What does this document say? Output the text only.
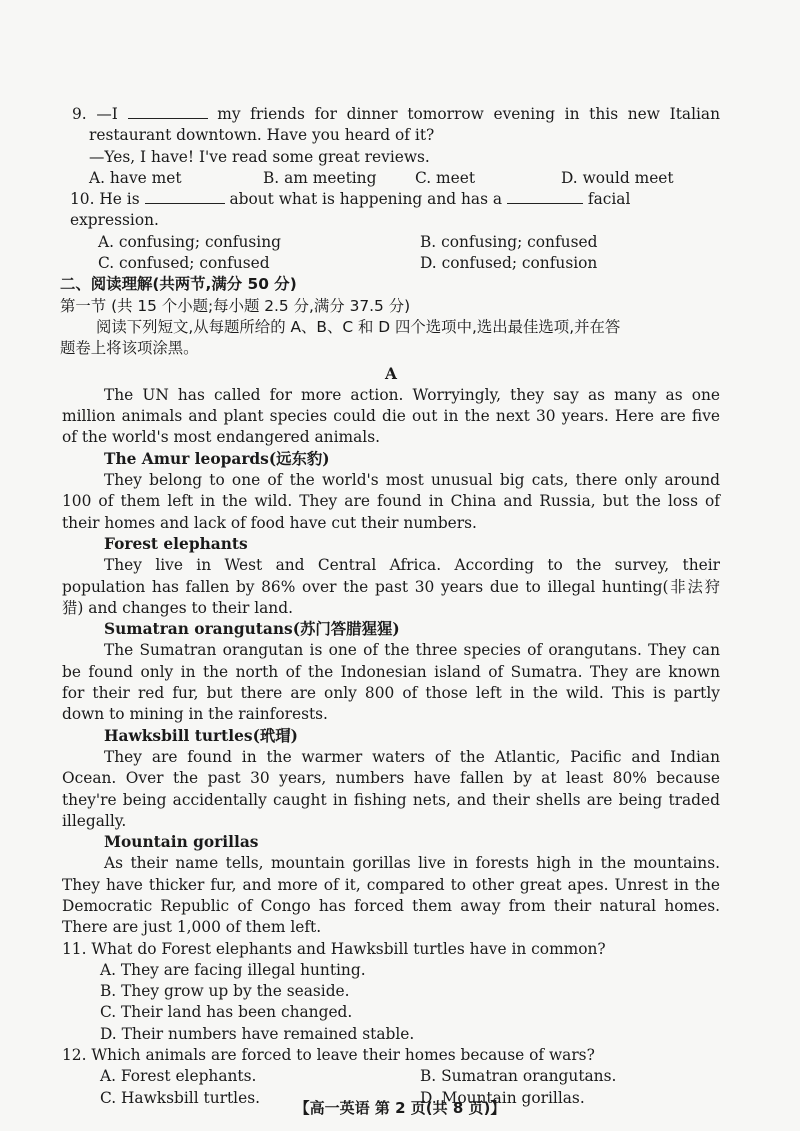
9. —I	my friends for dinner tomorrow evening in this new Italian
restaurant downtown. Have you heard of it?
—Yes, I have! I've read some great reviews.
A. have met	B. am meeting	C. meet	D. would meet
10. He is	about what is happening and has a	facial expression.
A. confusing; confusing	B. confusing; confused
C. confused; confused	D. confused; confusion
二、阅读理解(共两节,满分 50 分)
第一节 (共 15 个小题;每小题 2.5 分,满分 37.5 分)
阅读下列短文,从每题所给的 A、B、C 和 D 四个选项中,选出最佳选项,并在答
题卷上将该项涂黑。
A
The UN has called for more action. Worryingly, they say as many as one
million animals and plant species could die out in the next 30 years. Here are five
of the world's most endangered animals.
The Amur leopards(远东豹)
They belong to one of the world's most unusual big cats, there only around
100 of them left in the wild. They are found in China and Russia, but the loss of
their homes and lack of food have cut their numbers.
Forest elephants
They live in West and Central Africa. According to the survey, their
population has fallen by 86% over the past 30 years due to illegal hunting(非法狩
猎) and changes to their land.
Sumatran orangutans(苏门答腊猩猩)
The Sumatran orangutan is one of the three species of orangutans. They can
be found only in the north of the Indonesian island of Sumatra. They are known
for their red fur, but there are only 800 of those left in the wild. This is partly
down to mining in the rainforests.
Hawksbill turtles(玳瑁)
They are found in the warmer waters of the Atlantic, Pacific and Indian
Ocean. Over the past 30 years, numbers have fallen by at least 80% because
they're being accidentally caught in fishing nets, and their shells are being traded
illegally.
Mountain gorillas
As their name tells, mountain gorillas live in forests high in the mountains.
They have thicker fur, and more of it, compared to other great apes. Unrest in the
Democratic Republic of Congo has forced them away from their natural homes.
There are just 1,000 of them left.
11. What do Forest elephants and Hawksbill turtles have in common?
A. They are facing illegal hunting.
B. They grow up by the seaside.
C. Their land has been changed.
D. Their numbers have remained stable.
12. Which animals are forced to leave their homes because of wars?
A. Forest elephants.	B. Sumatran orangutans.
C. Hawksbill turtles.	D. Mountain gorillas.
【高一英语 第 2 页(共 8 页)】
